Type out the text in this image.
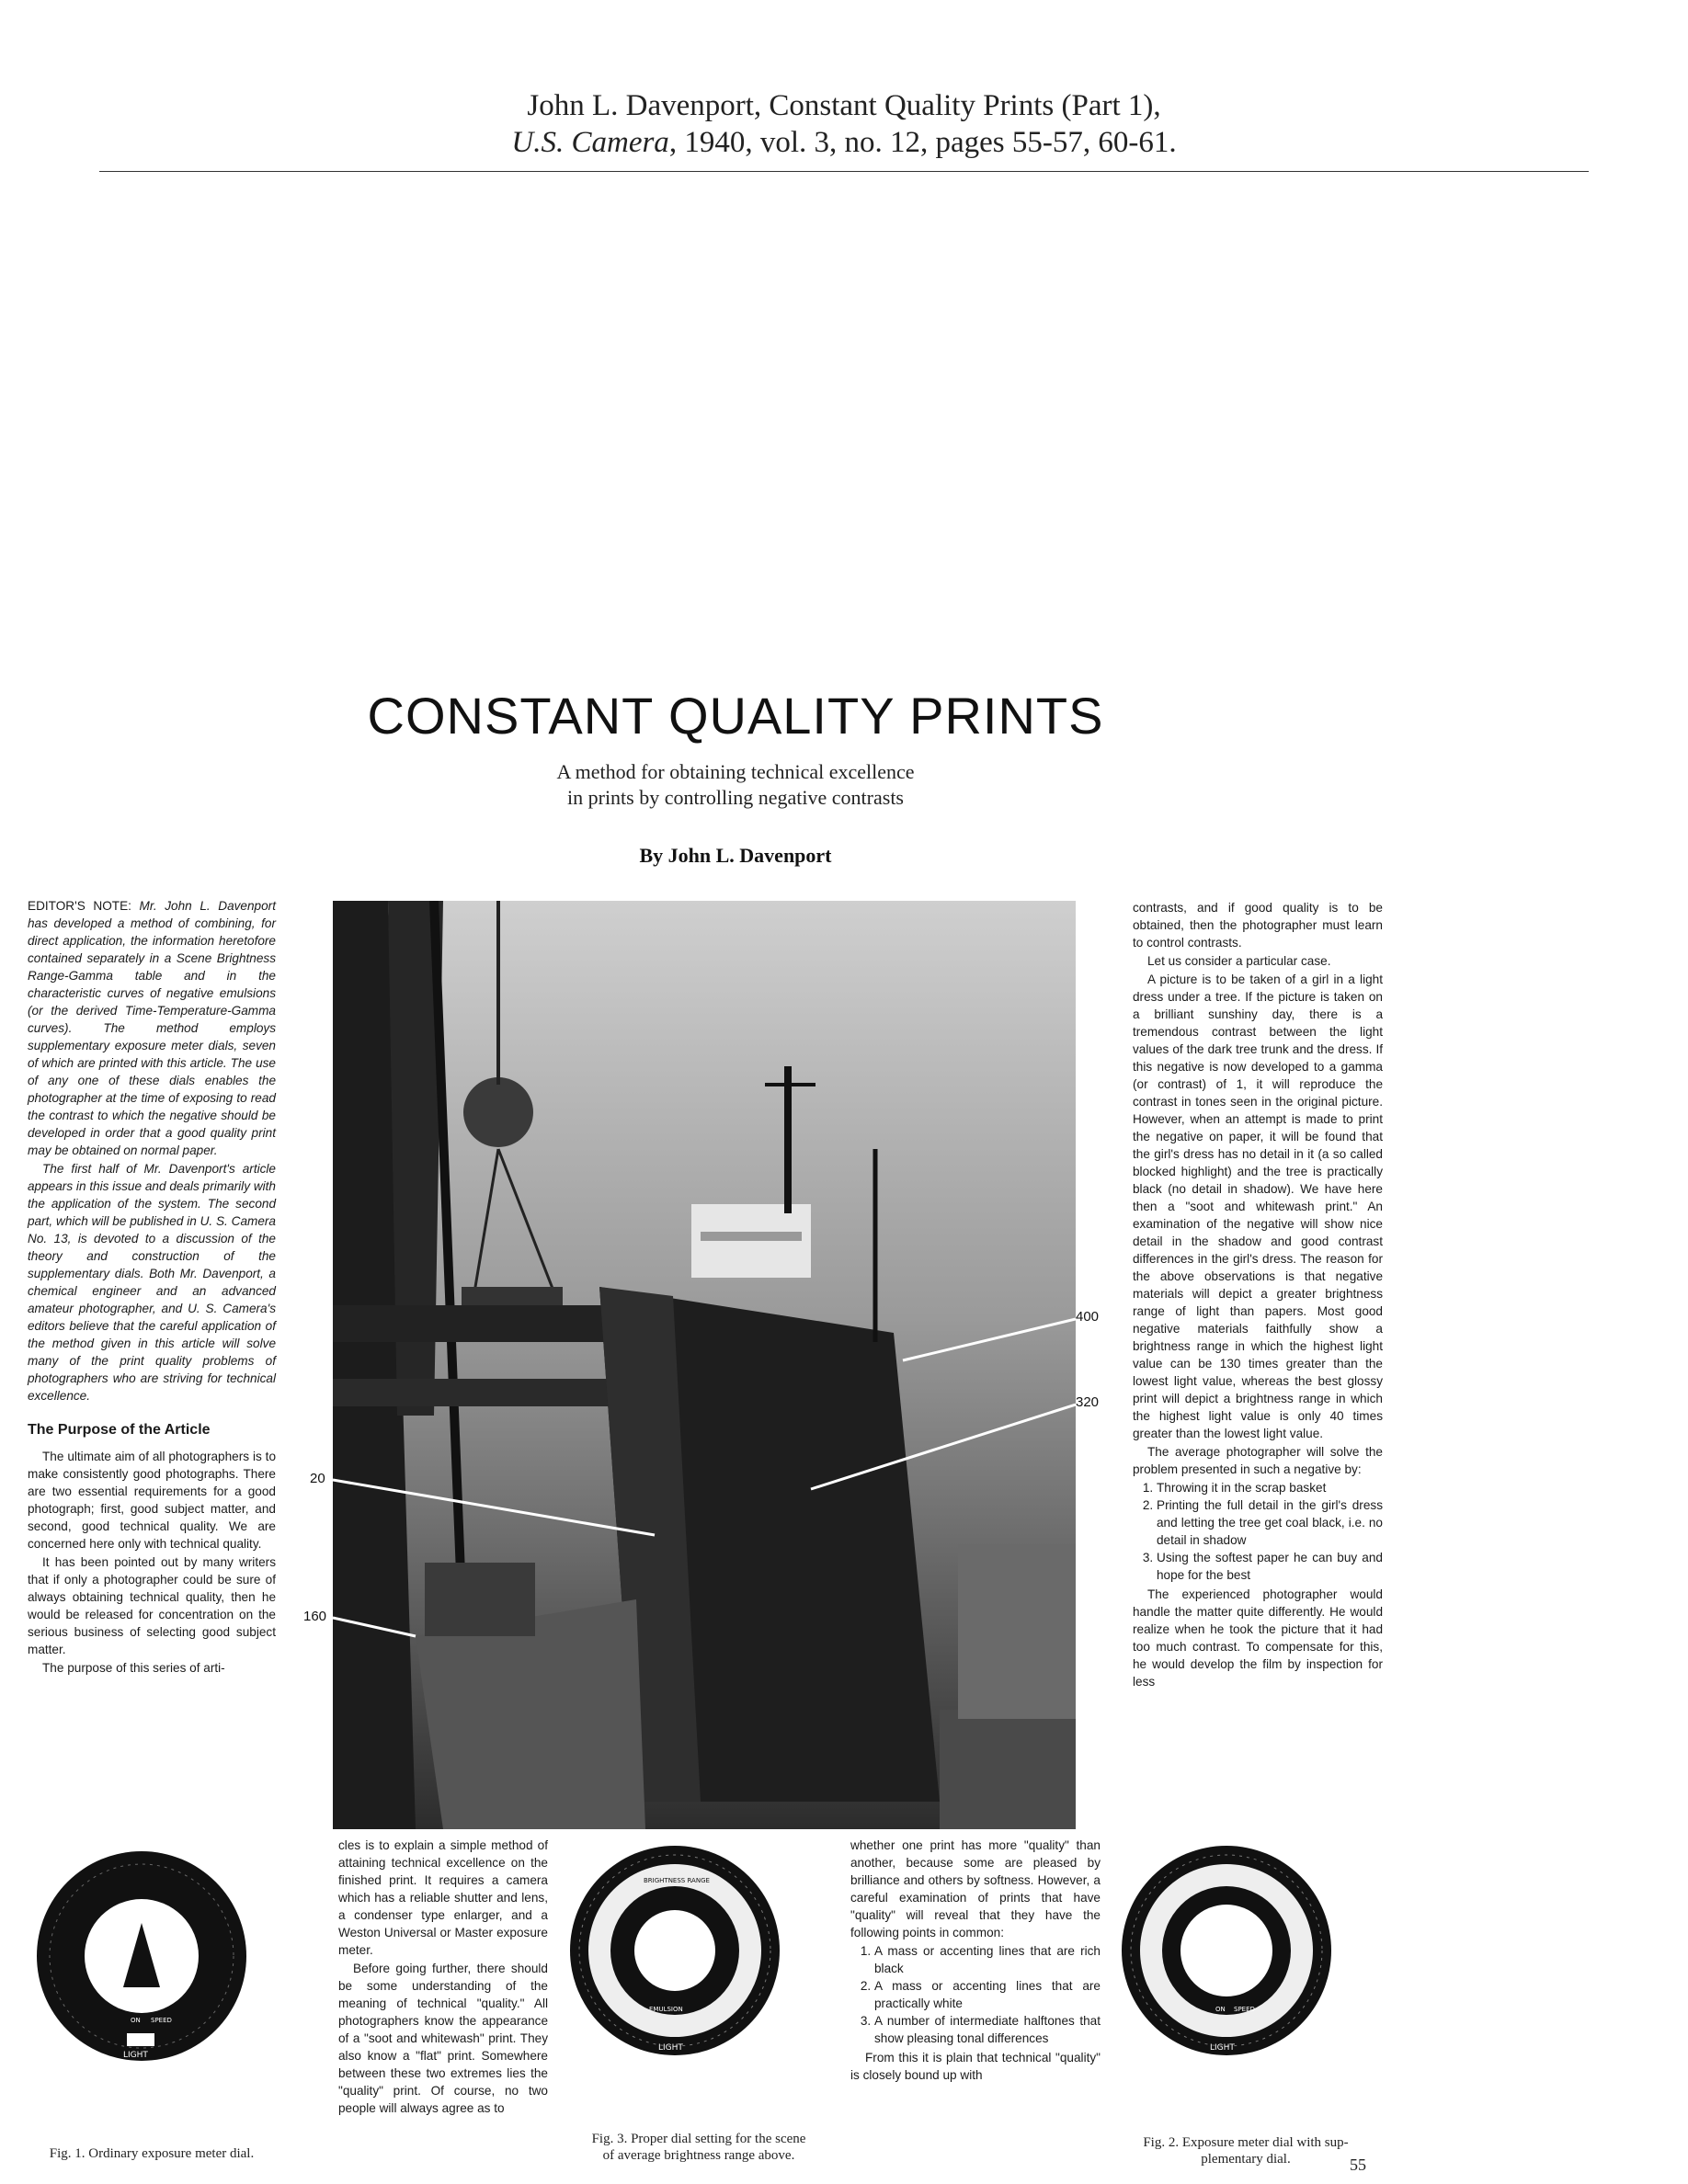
John L. Davenport, Constant Quality Prints (Part 1),
U.S. Camera, 1940, vol. 3, no. 12, pages 55-57, 60-61.
CONSTANT QUALITY PRINTS
A method for obtaining technical excellence
in prints by controlling negative contrasts
By John L. Davenport

EDITOR'S NOTE: Mr. John L. Davenport has developed a method of combining, for direct application, the information heretofore contained separately in a Scene Brightness Range-Gamma table and in the characteristic curves of negative emulsions (or the derived Time-Temperature-Gamma curves). The method employs supplementary exposure meter dials, seven of which are printed with this article. The use of any one of these dials enables the photographer at the time of exposing to read the contrast to which the negative should be developed in order that a good quality print may be obtained on normal paper.

The first half of Mr. Davenport's article appears in this issue and deals primarily with the application of the system. The second part, which will be published in U. S. Camera No. 13, is devoted to a discussion of the theory and construction of the supplementary dials. Both Mr. Davenport, a chemical engineer and an advanced amateur photographer, and U. S. Camera's editors believe that the careful application of the method given in this article will solve many of the print quality problems of photographers who are striving for technical excellence.

The Purpose of the Article

The ultimate aim of all photographers is to make consistently good photographs. There are two essential requirements for a good photograph; first, good subject matter, and second, good technical quality. We are concerned here only with technical quality.

It has been pointed out by many writers that if only a photographer could be sure of always obtaining technical quality, then he would be released for concentration on the serious business of selecting good subject matter.

The purpose of this series of arti-

400
320
20
160

contrasts, and if good quality is to be obtained, then the photographer must learn to control contrasts.

Let us consider a particular case.

A picture is to be taken of a girl in a light dress under a tree. If the picture is taken on a brilliant sunshiny day, there is a tremendous contrast between the light values of the dark tree trunk and the dress. If this negative is now developed to a gamma (or contrast) of 1, it will reproduce the contrast in tones seen in the original picture. However, when an attempt is made to print the negative on paper, it will be found that the girl's dress has no detail in it (a so called blocked highlight) and the tree is practically black (no detail in shadow). We have here then a "soot and whitewash print." An examination of the negative will show nice detail in the shadow and good contrast differences in the girl's dress. The reason for the above observations is that negative materials will depict a greater brightness range of light than papers. Most good negative materials faithfully show a brightness range in which the highest light value can be 130 times greater than the lowest light value, whereas the best glossy print will depict a brightness range in which the highest light value is only 40 times greater than the lowest light value.

The average photographer will solve the problem presented in such a negative by:

1. Throwing it in the scrap basket
2. Printing the full detail in the girl's dress and letting the tree get coal black, i.e. no detail in shadow
3. Using the softest paper he can buy and hope for the best

The experienced photographer would handle the matter quite differently. He would realize when he took the picture that it had too much contrast. To compensate for this, he would develop the film by inspection for less

cles is to explain a simple method of attaining technical excellence on the finished print. It requires a camera which has a reliable shutter and lens, a condenser type enlarger, and a Weston Universal or Master exposure meter.

Before going further, there should be some understanding of the meaning of technical "quality." All photographers know the appearance of a "soot and whitewash" print. They also know a "flat" print. Somewhere between these two extremes lies the "quality" print. Of course, no two people will always agree as to

whether one print has more "quality" than another, because some are pleased by brilliance and others by softness. However, a careful examination of prints that have "quality" will reveal that they have the following points in common:

1. A mass or accenting lines that are rich black
2. A mass or accenting lines that are practically white
3. A number of intermediate halftones that show pleasing tonal differences

From this it is plain that technical "quality" is closely bound up with

LIGHT
SPEED
ON
BRIGHTNESS RANGE
EMULSION
LIGHT
ON SPEED
LIGHT
Fig. 1. Ordinary exposure meter dial.
Fig. 3. Proper dial setting for the scene
of average brightness range above.
Fig. 2. Exposure meter dial with sup-
plementary dial.	55
